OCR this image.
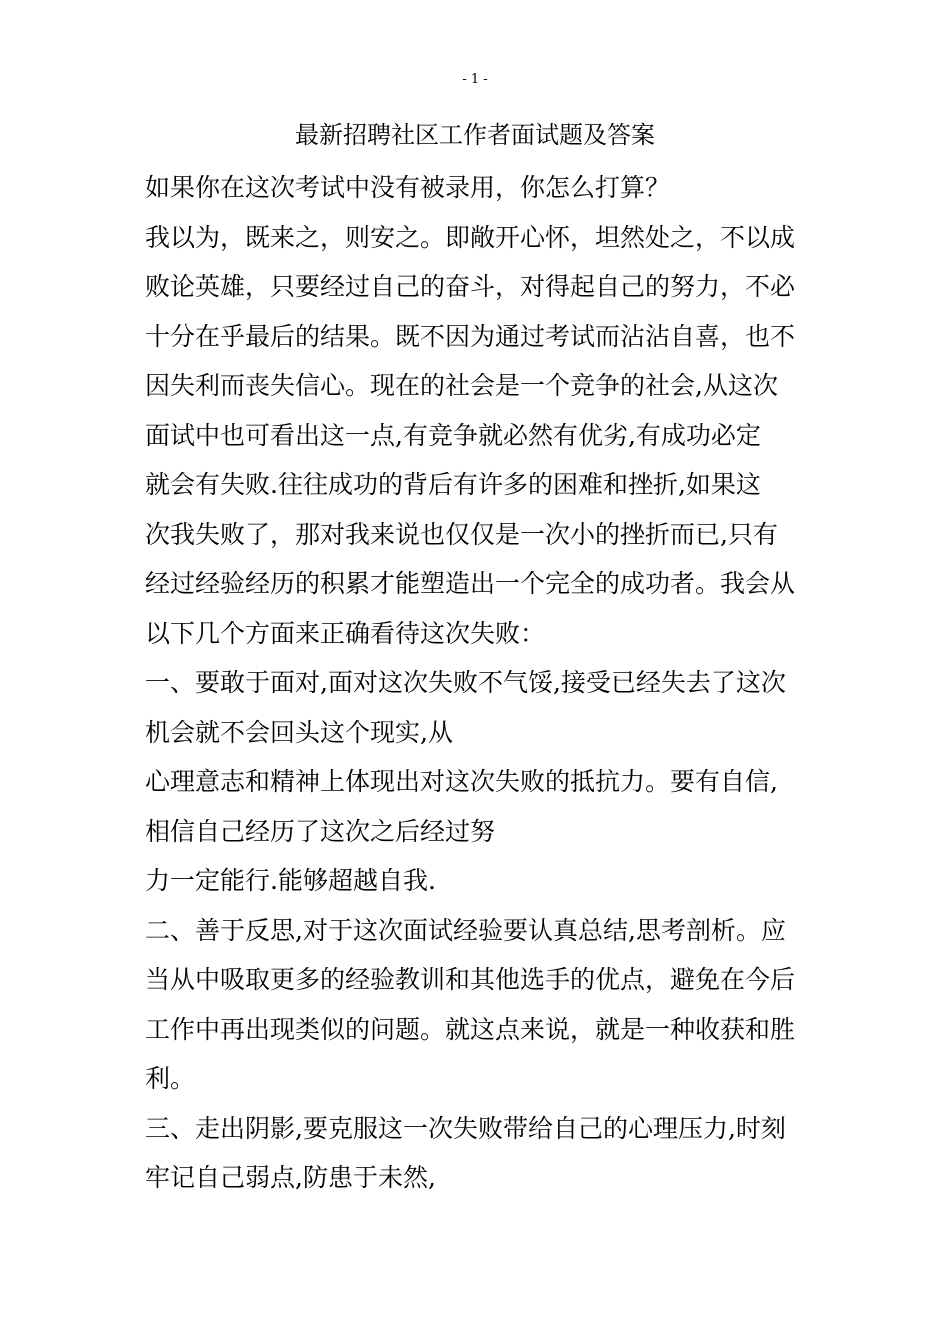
- 1 -
最新招聘社区工作者面试题及答案
如果你在这次考试中没有被录用，你怎么打算？
我以为，既来之，则安之。即敞开心怀，坦然处之，不以成
败论英雄，只要经过自己的奋斗，对得起自己的努力，不必
十分在乎最后的结果。既不因为通过考试而沾沾自喜，也不
因失利而丧失信心。现在的社会是一个竞争的社会,从这次
面试中也可看出这一点,有竞争就必然有优劣,有成功必定
就会有失败.往往成功的背后有许多的困难和挫折,如果这
次我失败了，那对我来说也仅仅是一次小的挫折而已,只有
经过经验经历的积累才能塑造出一个完全的成功者。我会从
以下几个方面来正确看待这次失败：
一、要敢于面对,面对这次失败不气馁,接受已经失去了这次
机会就不会回头这个现实,从
心理意志和精神上体现出对这次失败的抵抗力。要有自信,
相信自己经历了这次之后经过努
力一定能行.能够超越自我.
二、善于反思,对于这次面试经验要认真总结,思考剖析。应
当从中吸取更多的经验教训和其他选手的优点，避免在今后
工作中再出现类似的问题。就这点来说，就是一种收获和胜
利。
三、走出阴影,要克服这一次失败带给自己的心理压力,时刻
牢记自己弱点,防患于未然,
